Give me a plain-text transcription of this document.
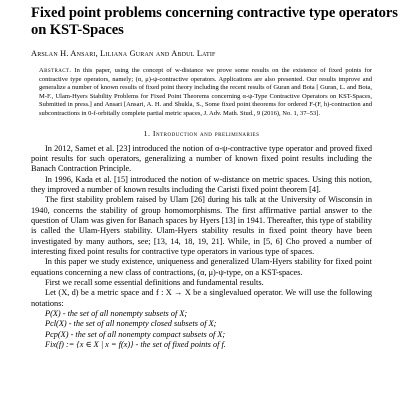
Fixed point problems concerning contractive type operators
on KST-Spaces
Arslan H. Ansari, Liliana Guran and Abdul Latif
Abstract. In this paper, using the concept of w-distance we prove some results on the existence of fixed points for contractive type operators, namely; (α, μ)-ψ-contractive operators. Applications are also presented. Our results improve and generalize a number of known results of fixed point theory including the recent results of Guran and Bota [ Guran, L. and Bota, M-F., Ulam-Hyers Stability Problems for Fixed Point Theorems concerning α-ψ-Type Contractive Operators on KST-Spaces, Submitted in press.] and Ansari [Ansari, A. H. and Shukla, S., Some fixed point theorems for ordered F-(F, h)-contraction and subcontractions in 0-f-orbitally complete partial metric spaces, J. Adv. Math. Stud., 9 (2016), No. 1, 37–53].
1. Introduction and preliminaries

In 2012, Samet et al. [23] introduced the notion of α-ψ-contractive type operator and proved fixed point results for such operators, generalizing a number of known fixed point results including the Banach Contraction Principle.

In 1996, Kada et al. [15] introduced the notion of w-distance on metric spaces. Using this notion, they improved a number of known results including the Caristi fixed point theorem [4].

The first stability problem raised by Ulam [26] during his talk at the University of Wisconsin in 1940, concerns the stability of group homomorphisms. The first affirmative partial answer to the question of Ulam was given for Banach spaces by Hyers [13] in 1941. Thereafter, this type of stability is called the Ulam-Hyers stability. Ulam-Hyers stability results in fixed point theory have been investigated by many authors, see; [13, 14, 18, 19, 21]. While, in [5, 6] Cho proved a number of interesting fixed point results for contractive type operators in various type of spaces.

In this paper we study existence, uniqueness and generalized Ulam-Hyers stability for fixed point equations concerning a new class of contractions, (α, μ)-ψ-type, on a KST-spaces.

First we recall some essential definitions and fundamental results.

Let (X, d) be a metric space and f : X → X be a singlevalued operator. We will use the following notations:

P(X) - the set of all nonempty subsets of X;
Pcl(X) - the set of all nonempty closed subsets of X;
Pcp(X) - the set of all nonempty compact subsets of X;
Fix(f) := {x ∈ X | x = f(x)} - the set of fixed points of f.
